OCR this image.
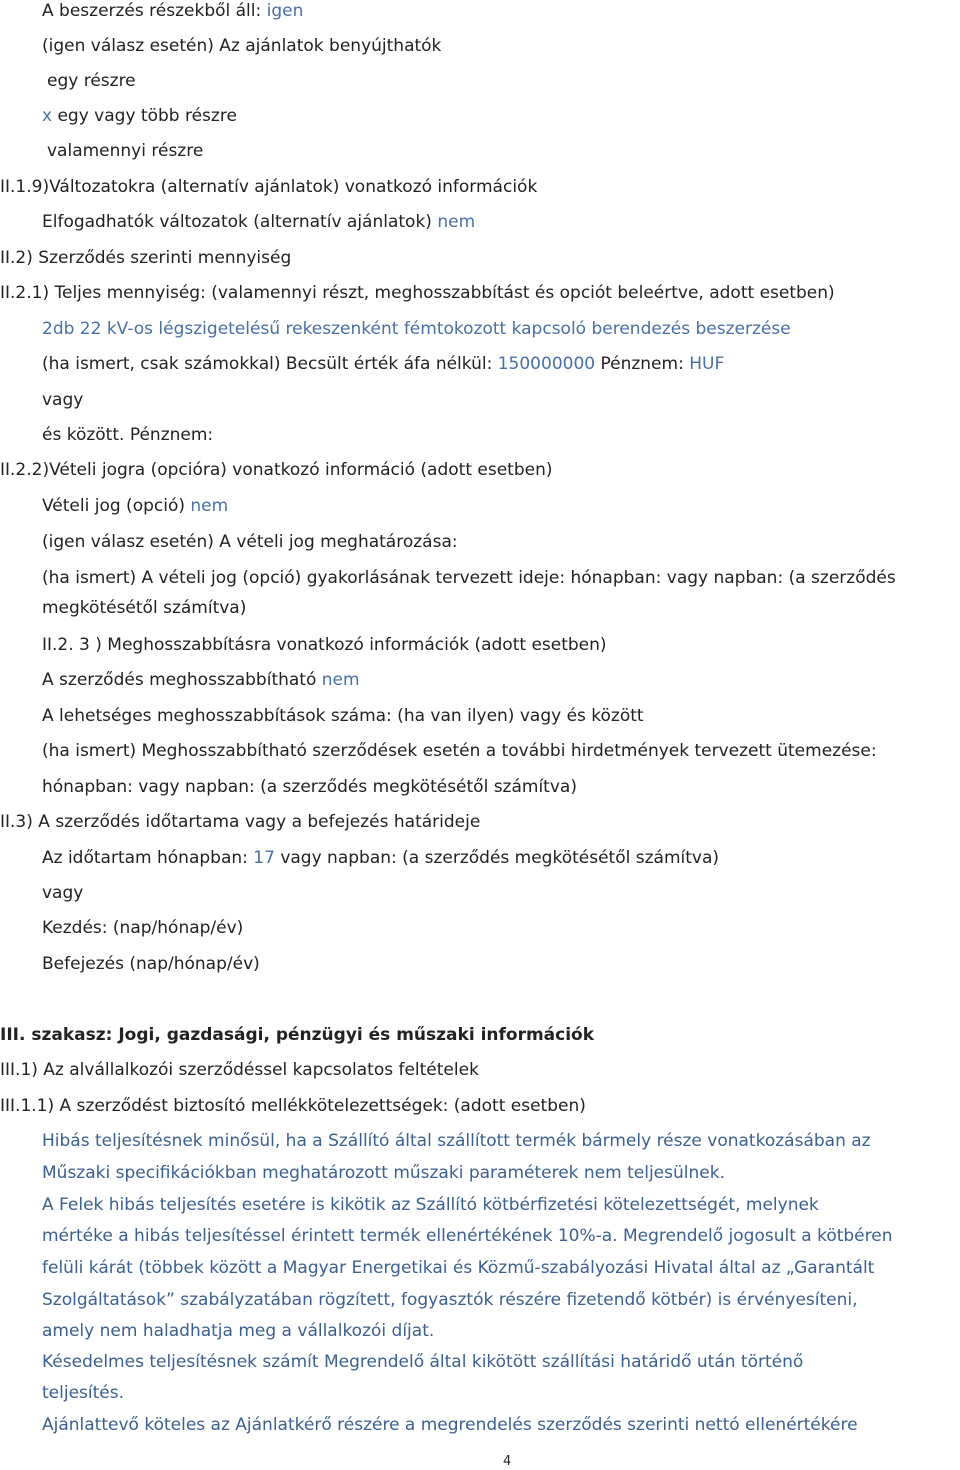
A beszerzés részekből áll: igen
(igen válasz esetén) Az ajánlatok benyújthatók
egy részre
x egy vagy több részre
valamennyi részre
II.1.9)Változatokra (alternatív ajánlatok) vonatkozó információk
Elfogadhatók változatok (alternatív ajánlatok) nem
II.2) Szerződés szerinti mennyiség
II.2.1) Teljes mennyiség: (valamennyi részt, meghosszabbítást és opciót beleértve, adott esetben)
2db 22 kV-os légszigetelésű rekeszenként fémtokozott kapcsoló berendezés beszerzése
(ha ismert, csak számokkal) Becsült érték áfa nélkül: 150000000 Pénznem: HUF
vagy
és között. Pénznem:
II.2.2)Vételi jogra (opcióra) vonatkozó információ (adott esetben)
Vételi jog (opció) nem
(igen válasz esetén) A vételi jog meghatározása:
(ha ismert) A vételi jog (opció) gyakorlásának tervezett ideje: hónapban: vagy napban: (a szerződés
megkötésétől számítva)
II.2. 3 ) Meghosszabbításra vonatkozó információk (adott esetben)
A szerződés meghosszabbítható nem
A lehetséges meghosszabbítások száma: (ha van ilyen) vagy és között
(ha ismert) Meghosszabbítható szerződések esetén a további hirdetmények tervezett ütemezése:
hónapban: vagy napban: (a szerződés megkötésétől számítva)
II.3) A szerződés időtartama vagy a befejezés határideje
Az időtartam hónapban: 17 vagy napban: (a szerződés megkötésétől számítva)
vagy
Kezdés: (nap/hónap/év)
Befejezés (nap/hónap/év)
III. szakasz: Jogi, gazdasági, pénzügyi és műszaki információk
III.1) Az alvállalkozói szerződéssel kapcsolatos feltételek
III.1.1) A szerződést biztosító mellékkötelezettségek: (adott esetben)
Hibás teljesítésnek minősül, ha a Szállító által szállított termék bármely része vonatkozásában az
Műszaki specifikációkban meghatározott műszaki paraméterek nem teljesülnek.
A Felek hibás teljesítés esetére is kikötik az Szállító kötbérfizetési kötelezettségét, melynek
mértéke a hibás teljesítéssel érintett termék ellenértékének 10%-a. Megrendelő jogosult a kötbéren
felüli kárát (többek között a Magyar Energetikai és Közmű-szabályozási Hivatal által az „Garantált
Szolgáltatások” szabályzatában rögzített, fogyasztók részére fizetendő kötbér) is érvényesíteni,
amely nem haladhatja meg a vállalkozói díjat.
Késedelmes teljesítésnek számít Megrendelő által kikötött szállítási határidő után történő
teljesítés.
Ajánlattevő köteles az Ajánlatkérő részére a megrendelés szerződés szerinti nettó ellenértékére
4
